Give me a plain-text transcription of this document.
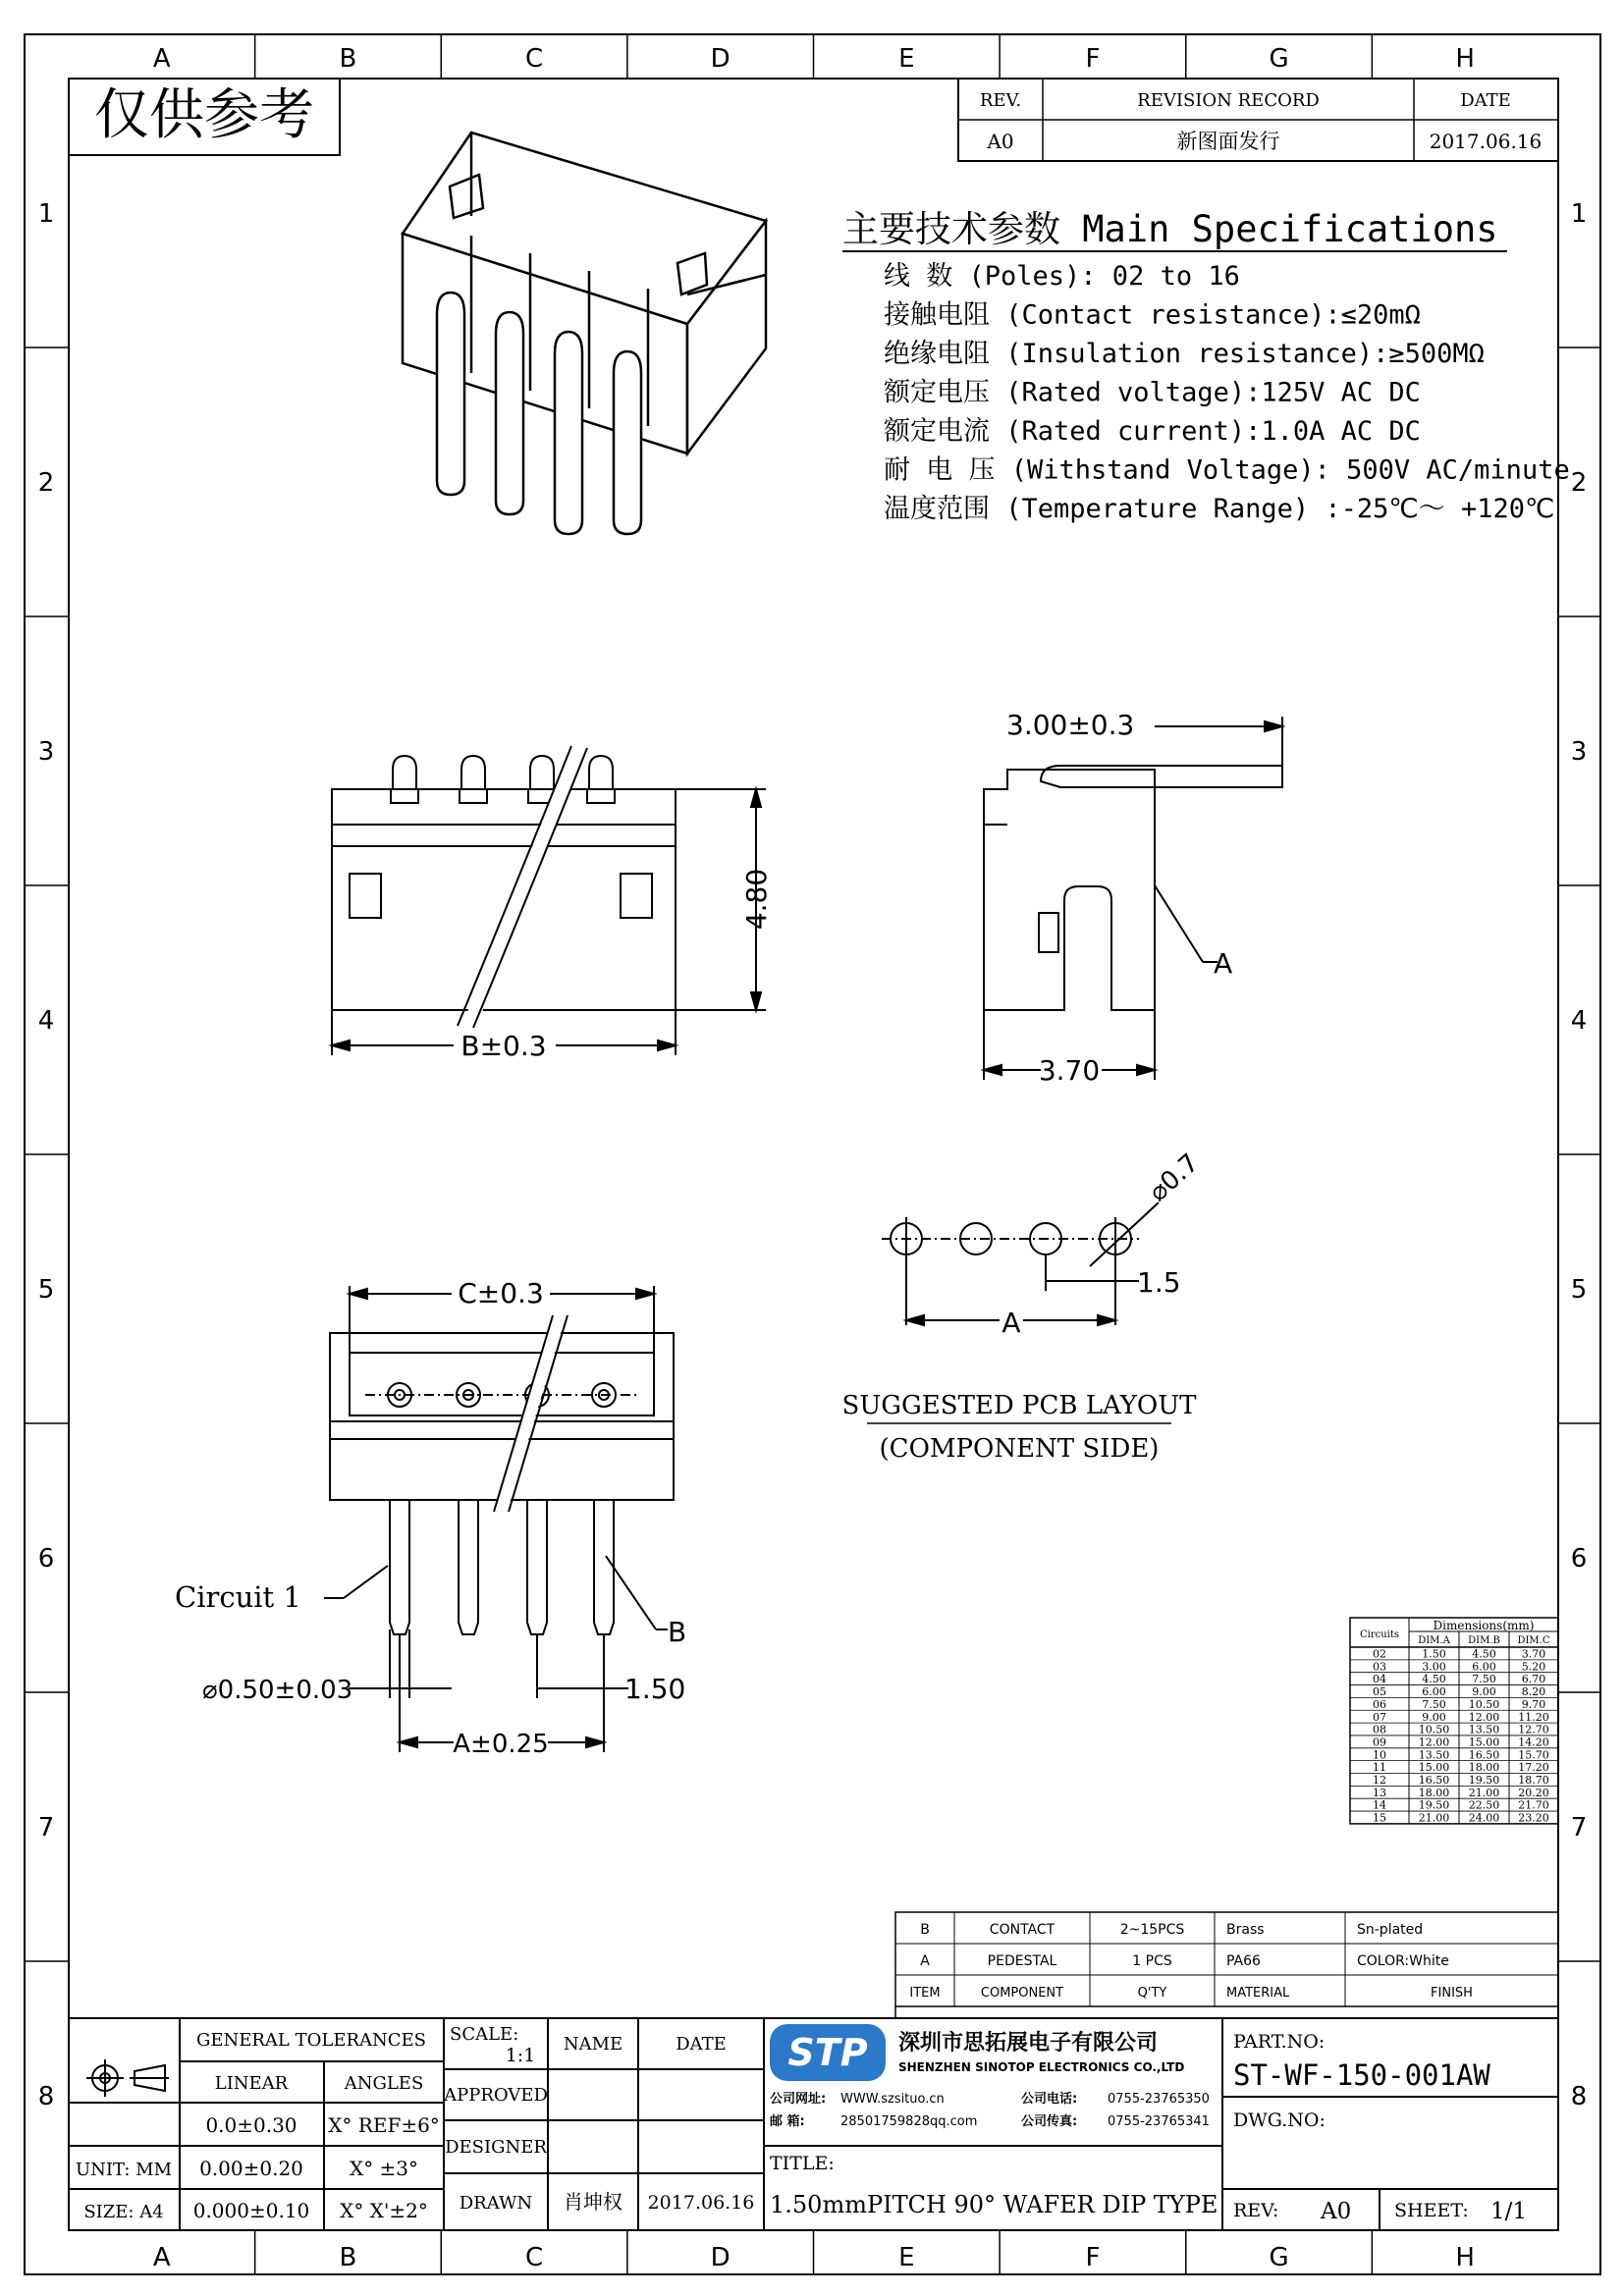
A
A
B
B
C
C
D
D
E
E
F
F
G
G
H
H
1	1
2	2
3	3
4	4
5	5
6	6
7	7
8	8
仅供参考	REV.	REVISION RECORD	DATE
A0	新图面发行	2017.06.16
主要技术参数 Main Specifications
线 数 (Poles): 02 to 16
接触电阻 (Contact resistance):≤20mΩ
绝缘电阻 (Insulation resistance):≥500MΩ
额定电压 (Rated voltage):125V AC DC
额定电流 (Rated current):1.0A AC DC
耐 电 压 (Withstand Voltage): 500V AC/minute
温度范围 (Temperature Range) :-25℃～ +120℃
4.80
B±0.3
3.00±0.3
A
3.70
⌀0.7
1.5
A
SUGGESTED PCB LAYOUT
(COMPONENT SIDE)
C±0.3
Circuit 1
B
⌀0.50±0.03	1.50
A±0.25
Dimensions(mm)
Circuits
DIM.A DIM.B DIM.C
02	1.50 4.50 3.70
03	3.00 6.00 5.20
04	4.50 7.50 6.70
05	6.00 9.00 8.20
06	7.50 10.50 9.70
07	9.00 12.00 11.20
08	10.50 13.50 12.70
09	12.00 15.00 14.20
10	13.50 16.50 15.70
11	15.00 18.00 17.20
12	16.50 19.50 18.70
13	18.00 21.00 20.20
14	19.50 22.50 21.70
15	21.00 24.00 23.20
B	CONTACT	2~15PCS	Brass	Sn-plated
A	PEDESTAL	1 PCS	PA66	COLOR:White
ITEM	COMPONENT	Q'TY	MATERIAL	FINISH
GENERAL TOLERANCES
LINEAR	ANGLES
0.0±0.30 X° REF±6°
0.00±0.20 X° ±3°
0.000±0.10 X° X'±2°
UNIT: MM
SIZE: A4
SCALE:
1:1
NAME	DATE
APPROVED
DESIGNER
DRAWN 肖坤权 2017.06.16
STP 深圳市思拓展电子有限公司
SHENZHEN SINOTOP ELECTRONICS CO.,LTD
公司网址: WWW.szsituo.cn	公司电话: 0755-23765350
邮 箱:	28501759828qq.com	公司传真: 0755-23765341
TITLE:
1.50mmPITCH 90° WAFER DIP TYPE
PART.NO:
ST-WF-150-001AW
DWG.NO:
REV: A0 SHEET: 1/1
